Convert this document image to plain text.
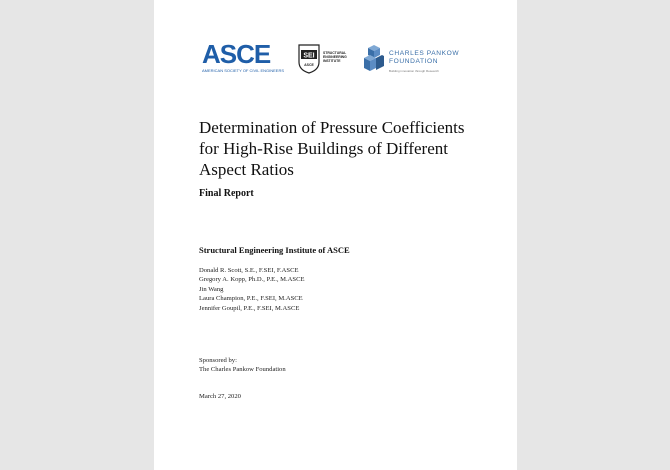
ASCE
AMERICAN SOCIETY OF CIVIL ENGINEERS
SEI
ASCE
STRUCTURAL
ENGINEERING
INSTITUTE
CHARLES PANKOW
FOUNDATION
Building innovation through Research
Determination of Pressure Coefficients
for High-Rise Buildings of Different
Aspect Ratios
Final Report
Structural Engineering Institute of ASCE
Donald R. Scott, S.E., F.SEI, F.ASCE
Gregory A. Kopp, Ph.D., P.E., M.ASCE
Jin Wang
Laura Champion, P.E., F.SEI, M.ASCE
Jennifer Goupil, P.E., F.SEI, M.ASCE
Sponsored by:
The Charles Pankow Foundation
March 27, 2020
